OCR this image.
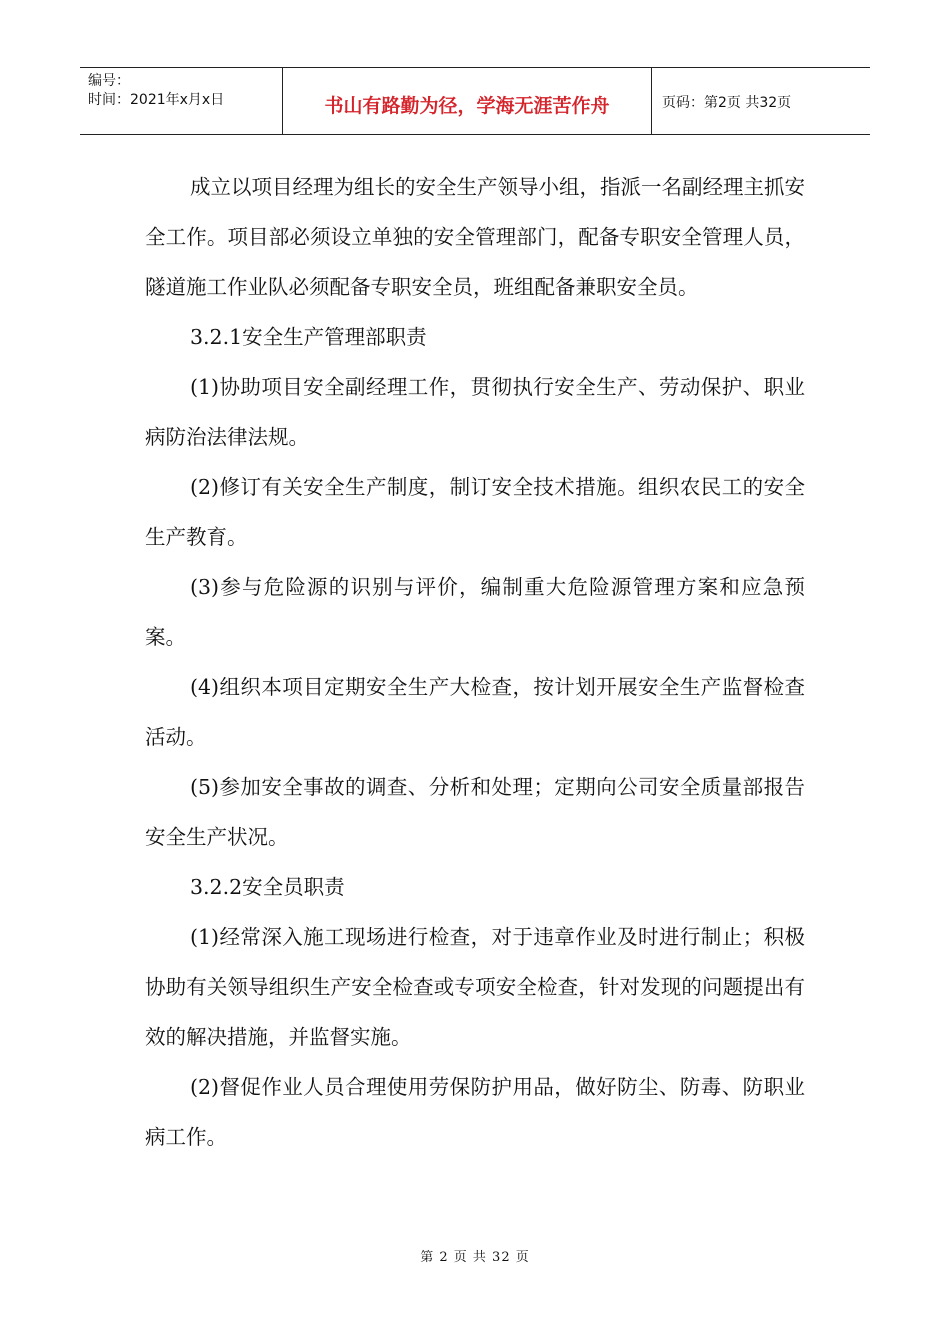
编号：
时间：2021年x月x日	书山有路勤为径，学海无涯苦作舟	页码：第2页 共32页

成立以项目经理为组长的安全生产领导小组，指派一名副经理主抓安全工作。项目部必须设立单独的安全管理部门，配备专职安全管理人员，隧道施工作业队必须配备专职安全员，班组配备兼职安全员。

3.2.1安全生产管理部职责

(1)协助项目安全副经理工作，贯彻执行安全生产、劳动保护、职业病防治法律法规。

(2)修订有关安全生产制度，制订安全技术措施。组织农民工的安全生产教育。

(3)参与危险源的识别与评价，编制重大危险源管理方案和应急预案。

(4)组织本项目定期安全生产大检查，按计划开展安全生产监督检查活动。

(5)参加安全事故的调查、分析和处理；定期向公司安全质量部报告安全生产状况。

3.2.2安全员职责

(1)经常深入施工现场进行检查，对于违章作业及时进行制止；积极协助有关领导组织生产安全检查或专项安全检查，针对发现的问题提出有效的解决措施，并监督实施。

(2)督促作业人员合理使用劳保防护用品，做好防尘、防毒、防职业病工作。

第 2 页 共 32 页
